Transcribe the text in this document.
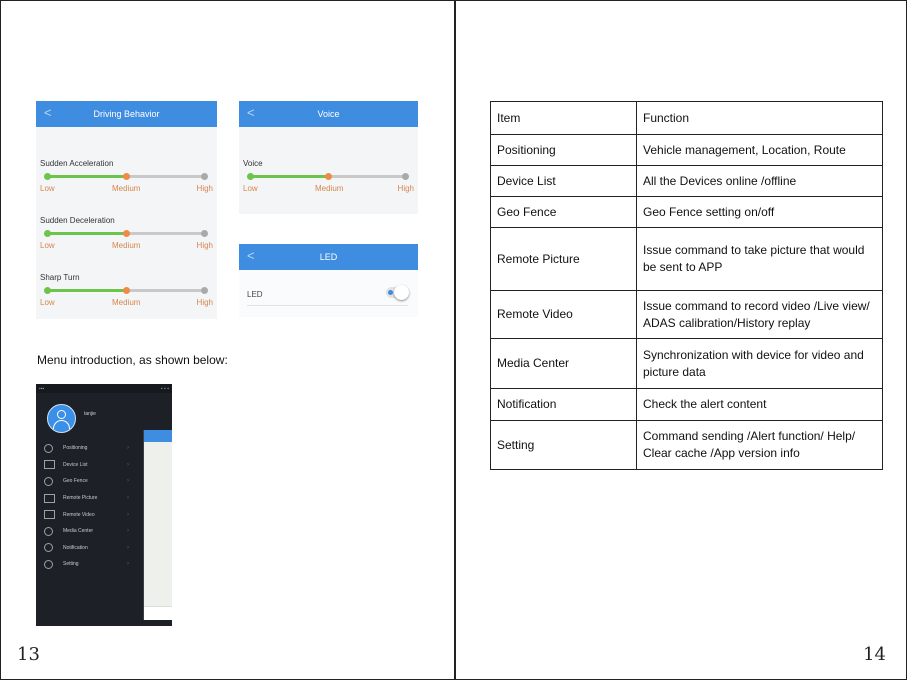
<	Driving Behavior
Sudden Acceleration
Low	Medium	High
Sudden Deceleration
Low	Medium	High
Sharp Turn
Low	Medium	High
<	Voice
Voice
Low	Medium	High
<	LED
LED
Menu introduction, as shown below:
▪▪▪	▪ ▪ ▪
tanjie
Positioning	›
Device List	›
Geo Fence	›
Remote Picture	›
Remote Video	›
Media Center	›
Notification	›
Setting	›
13
Item	Function
Positioning	Vehicle management, Location, Route
Device List	All the Devices online /offline
Geo Fence	Geo Fence setting on/off
Remote Picture	Issue command to take picture that would be sent to APP
Remote Video	Issue command to record video /Live view/ ADAS calibration/History replay
Media Center	Synchronization with device for video and picture data
Notification	Check the alert content
Setting	Command sending /Alert function/ Help/ Clear cache /App version info
14
